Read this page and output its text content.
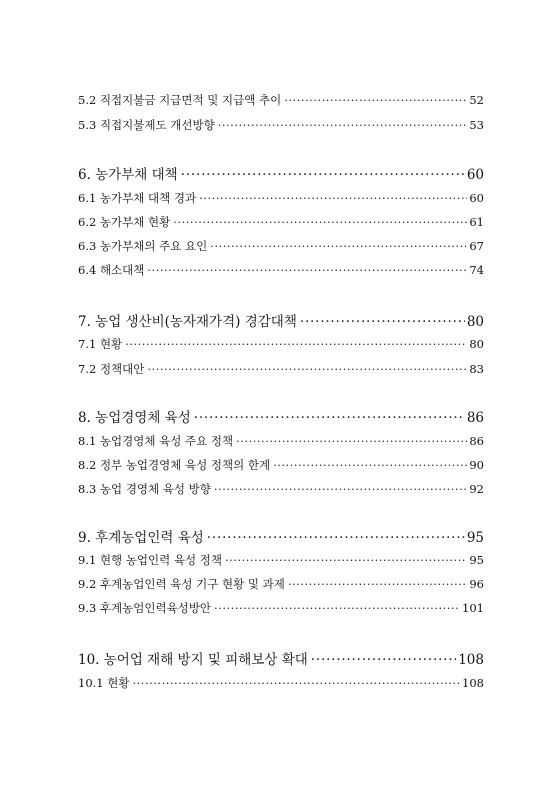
5.2 직접지불금 지급면적 및 지급액 추이 ·····	52
5.3 직접지불제도 개선방향 ·····	53
6. 농가부채 대책 ·····	60
6.1 농가부채 대책 경과 ·····	60
6.2 농가부채 현황 ·····	61
6.3 농가부채의 주요 요인 ·····	67
6.4 해소대책 ·····	74
7. 농업 생산비(농자재가격) 경감대책 ·····	80
7.1 현황 ·····	80
7.2 정책대안 ·····	83
8. 농업경영체 육성 ·····	86
8.1 농업경영체 육성 주요 정책 ·····	86
8.2 정부 농업경영체 육성 정책의 한계 ·····	90
8.3 농업 경영체 육성 방향 ·····	92
9. 후계농업인력 육성 ·····	95
9.1 현행 농업인력 육성 정책 ·····	95
9.2 후계농업인력 육성 기구 현황 및 과제 ·····	96
9.3 후계농엄인력육성방안 ·····	101
10. 농어업 재해 방지 및 피해보상 확대 ·····	108
10.1 현황 ·····	108
